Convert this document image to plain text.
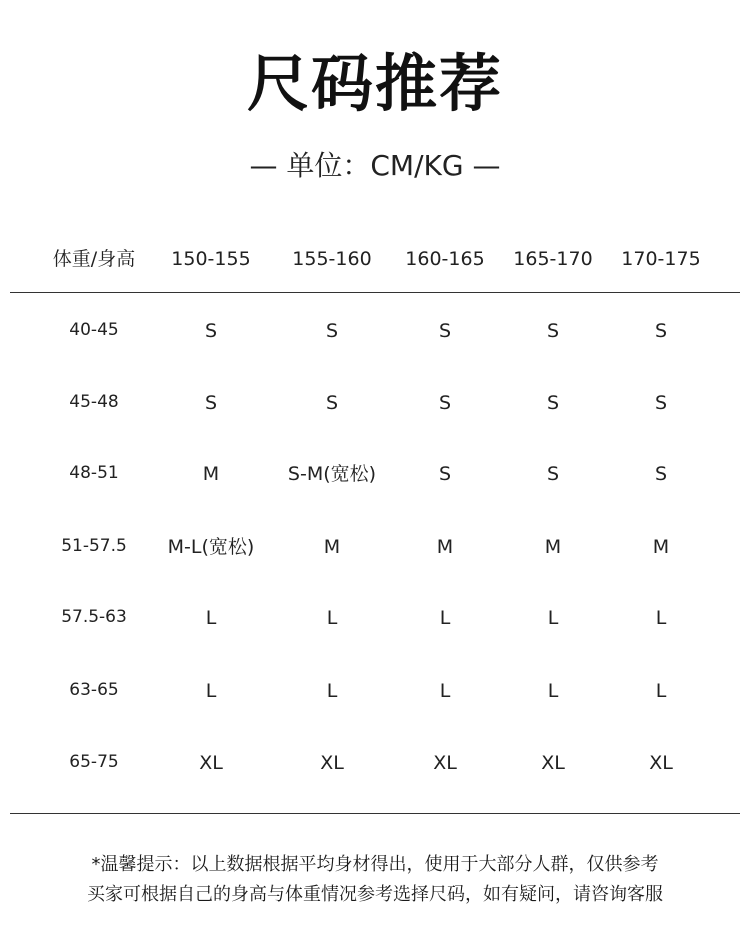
尺码推荐
— 单位：CM/KG —
体重/身高	150-155	155-160	160-165	165-170	170-175
40-45	S	S	S	S	S
45-48	S	S	S	S	S
48-51	M	S-M(宽松)	S	S	S
51-57.5	M-L(宽松)	M	M	M	M
57.5-63	L	L	L	L	L
63-65	L	L	L	L	L
65-75	XL	XL	XL	XL	XL
*温馨提示：以上数据根据平均身材得出，使用于大部分人群，仅供参考
买家可根据自己的身高与体重情况参考选择尺码，如有疑问，请咨询客服
